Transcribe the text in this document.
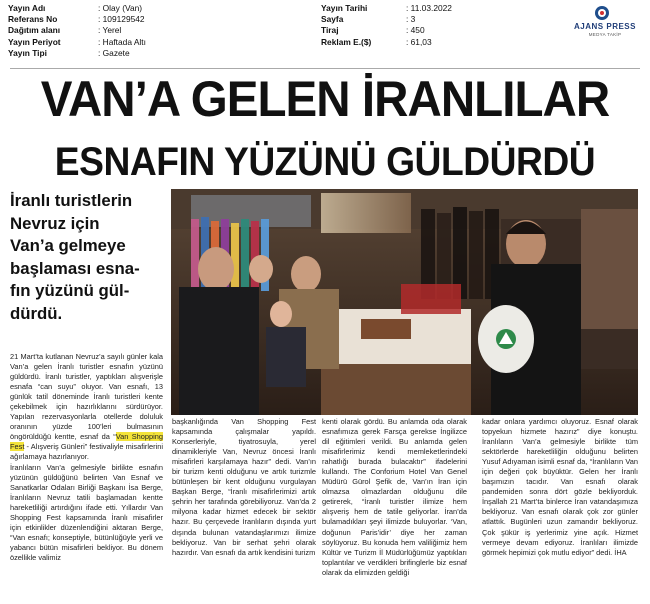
Yayın Adı	: Olay (Van)	Yayın Tarihi	: 11.03.2022
Referans No	: 109129542	Sayfa	: 3
Dağıtım alanı	: Yerel	Tiraj	: 450
Yayın Periyot	: Haftada Altı	Reklam E.($)	: 61,03
Yayın Tipi	: Gazete
AJANS PRESS
MEDYA TAKİP
VAN’A GELEN İRANLILAR
ESNAFIN YÜZÜNÜ GÜLDÜRDÜ
İranlı turistlerin
Nevruz için
Van’a gelmeye
başlaması esna-
fın yüzünü gül-
dürdü.

21 Mart’ta kutlanan Nevruz’a sayılı günler kala Van’a gelen İranlı turistler esnafın yüzünü güldürdü. İranlı turistler, yaptıkları alışverişle esnafa “can suyu” oluyor. Van esnafı, 13 günlük tatil döneminde İranlı turistleri kente çekebilmek için hazırlıklarını sürdürüyor. Yapılan rezervasyonlarla otellerde doluluk oranının yüzde 100’leri bulmasının öngörüldüğü kentte, esnaf da “Van Shopping Fest - Alışveriş Günleri” festivaliyle misafirlerini ağırlamaya hazırlanıyor.

İranlıların Van’a gelmesiyle birlikte esnafın yüzünün güldüğünü belirten Van Esnaf ve Sanatkarlar Odaları Birliği Başkanı İsa Berge, İranlıların Nevruz tatili başlamadan kentte hareketliliği artırdığını ifade etti. Yıllardır Van Shopping Fest kapsamında İranlı misafirler için etkinlikler düzenlendiğini aktaran Berge, “Van esnafı; konseptiyle, bütünlüğüyle yerli ve yabancı bütün misafirleri bekliyor. Bu dönem özellikle valimiz

başkanlığında Van Shopping Fest kapsamında çalışmalar yapıldı. Konserleriyle, tiyatrosuyla, yerel dinamikleriyle Van, Nevruz öncesi İranlı misafirleri karşılamaya hazır” dedi. Van’ın bir turizm kenti olduğunu ve artık turizmle bütünleşen bir kent olduğunu vurgulayan Başkan Berge, “İranlı misafirlerimizi artık şehrin her tarafında görebiliyoruz. Van’da 2 milyona kadar hizmet edecek bir sektör hazır. Bu çerçevede İranlıların dışında yurt dışında bulunan vatandaşlarımızı ilimize bekliyoruz. Van bir serhat şehri olarak hazırdır. Van esnafı da artık kendisini turizm

kenti olarak gördü. Bu anlamda oda olarak esnafımıza gerek Farsça gerekse İngilizce dil eğitimleri verildi. Bu anlamda gelen misafirlerimiz kendi memleketlerindeki rahatlığı burada bulacaktır” ifadelerini kullandı. The Conforium Hotel Van Genel Müdürü Gürol Şefik de, Van’ın İran için olmazsa olmazlardan olduğunu dile getirerek, “İranlı turistler ilimize hem alışveriş hem de tatile geliyorlar. İran’da bulamadıkları şeyi ilimizde buluyorlar. ‘Van, doğunun Paris’idir’ diye her zaman söylüyoruz. Bu konuda hem valiliğimiz hem Kültür ve Turizm İl Müdürlüğümüz yaptıkları toplantılar ve verdikleri brifinglerle biz esnaf olarak da elimizden geldiği

kadar onlara yardımcı oluyoruz. Esnaf olarak topyekun hizmete hazırız” diye konuştu. İranlıların Van’a gelmesiyle birlikte tüm sektörlerde hareketliliğin olduğunu belirten Yusuf Adıyaman isimli esnaf da, “İranlıların Van için değeri çok büyüktür. Gelen her İranlı başımızın tacıdır. Van esnafı olarak pandemiden sonra dört gözle bekliyorduk. İnşallah 21 Mart’ta binlerce İran vatandaşımıza bekliyoruz. Van esnafı olarak çok zor günler atlattık. Bugünleri uzun zamandır bekliyoruz. Çok şükür iş yerlerimiz yine açık. Hizmet vermeye devam ediyoruz. İranlıları ilimizde görmek hepimizi çok mutlu ediyor” dedi. İHA
